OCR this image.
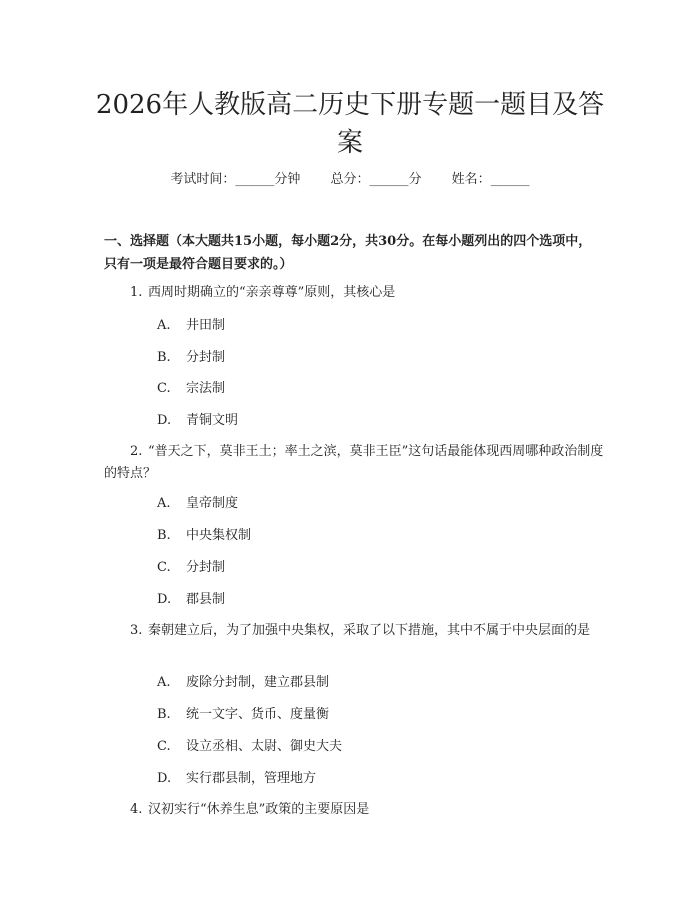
2026年人教版高二历史下册专题一题目及答案
考试时间：______分钟 总分：______分 姓名：______
一、选择题（本大题共15小题，每小题2分，共30分。在每小题列出的四个选项中，只有一项是最符合题目要求的。）
1. 西周时期确立的“亲亲尊尊”原则，其核心是
A. 井田制
B. 分封制
C. 宗法制
D. 青铜文明
2. “普天之下，莫非王土；率土之滨，莫非王臣”这句话最能体现西周哪种政治制度的特点？
A. 皇帝制度
B. 中央集权制
C. 分封制
D. 郡县制
3. 秦朝建立后，为了加强中央集权，采取了以下措施，其中不属于中央层面的是
A. 废除分封制，建立郡县制
B. 统一文字、货币、度量衡
C. 设立丞相、太尉、御史大夫
D. 实行郡县制，管理地方
4. 汉初实行“休养生息”政策的主要原因是
